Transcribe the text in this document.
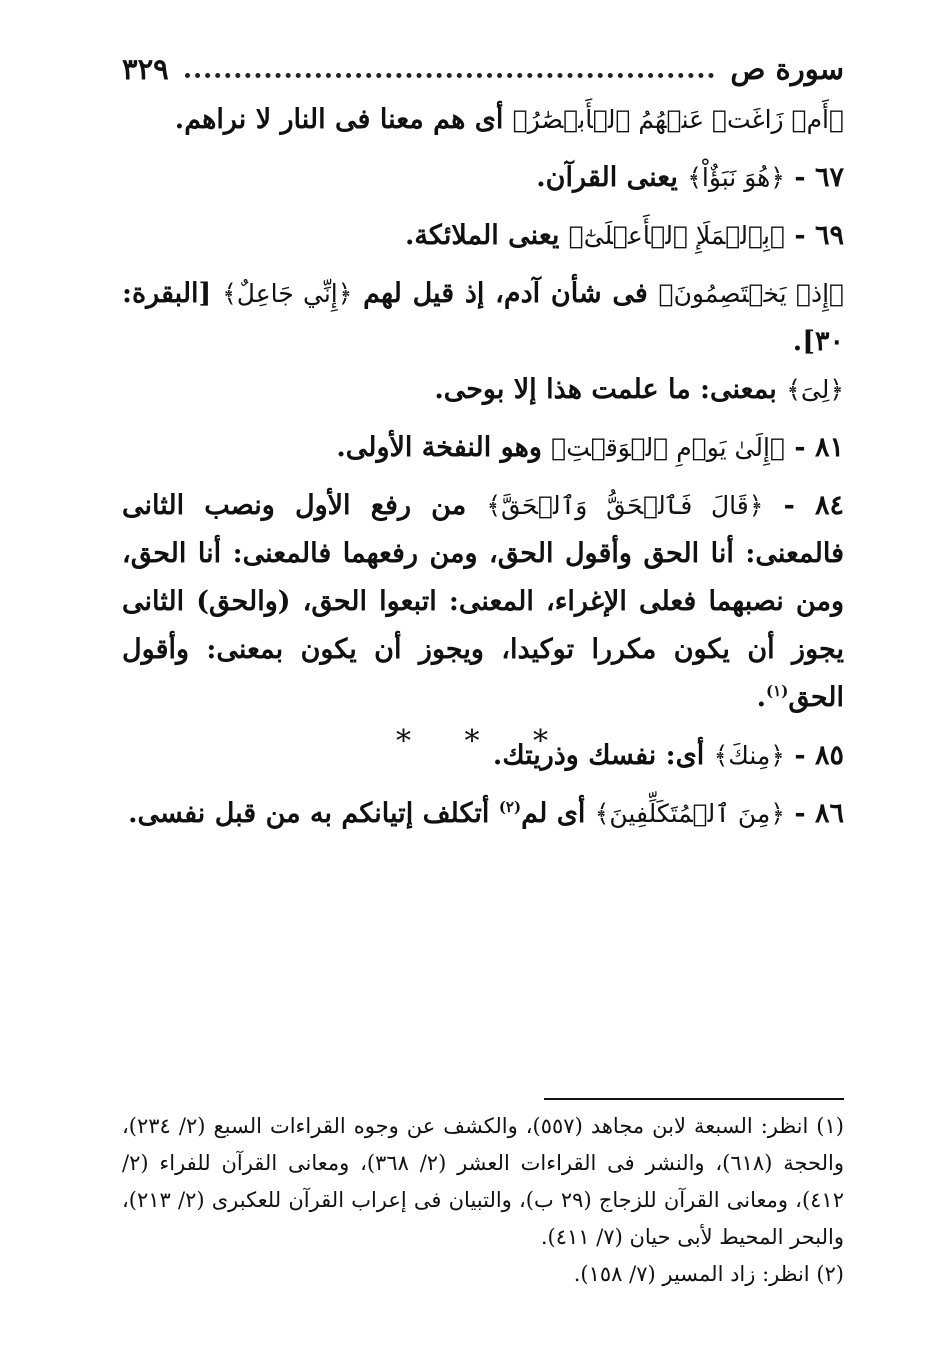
سورة ص
٣٢٩

﴿أَمۡ زَاغَتۡ عَنۡهُمُ ٱلۡأَبۡصَٰرُ﴾ أى هم معنا فى النار لا نراهم.

٦٧ - ﴿هُوَ نَبَؤٌاْ﴾ يعنى القرآن.

٦٩ - ﴿بِٱلۡمَلَإِ ٱلۡأَعۡلَىٰٓ﴾ يعنى الملائكة.

﴿إِذۡ يَخۡتَصِمُونَ﴾ فى شأن آدم، إذ قيل لهم ﴿إِنِّي جَاعِلٌ﴾ [البقرة: ٣٠].
﴿لِىَ﴾ بمعنى: ما علمت هذا إلا بوحى.

٨١ - ﴿إِلَىٰ يَوۡمِ ٱلۡوَقۡتِ﴾ وهو النفخة الأولى.

٨٤ - ﴿قَالَ فَٱلۡحَقُّ وَٱلۡحَقَّ﴾ من رفع الأول ونصب الثانى فالمعنى: أنا الحق وأقول الحق، ومن رفعهما فالمعنى: أنا الحق، ومن نصبهما فعلى الإغراء، المعنى: اتبعوا الحق، (والحق) الثانى يجوز أن يكون مكررا توكيدا، ويجوز أن يكون بمعنى: وأقول الحق$^{(١)}$.

٨٥ - ﴿مِنكَ﴾ أى: نفسك وذريتك.

٨٦ - ﴿مِنَ ٱلۡمُتَكَلِّفِينَ﴾ أى لم$^{(٢)}$ أتكلف إتيانكم به من قبل نفسى.

* * *

(١) انظر: السبعة لابن مجاهد (٥٥٧)، والكشف عن وجوه القراءات السبع (٢/ ٢٣٤)، والحجة (٦١٨)، والنشر فى القراءات العشر (٢/ ٣٦٨)، ومعانى القرآن للفراء (٢/ ٤١٢)، ومعانى القرآن للزجاج (٢٩ ب)، والتبيان فى إعراب القرآن للعكبرى (٢/ ٢١٣)، والبحر المحيط لأبى حيان (٧/ ٤١١).

(٢) انظر: زاد المسير (٧/ ١٥٨).
